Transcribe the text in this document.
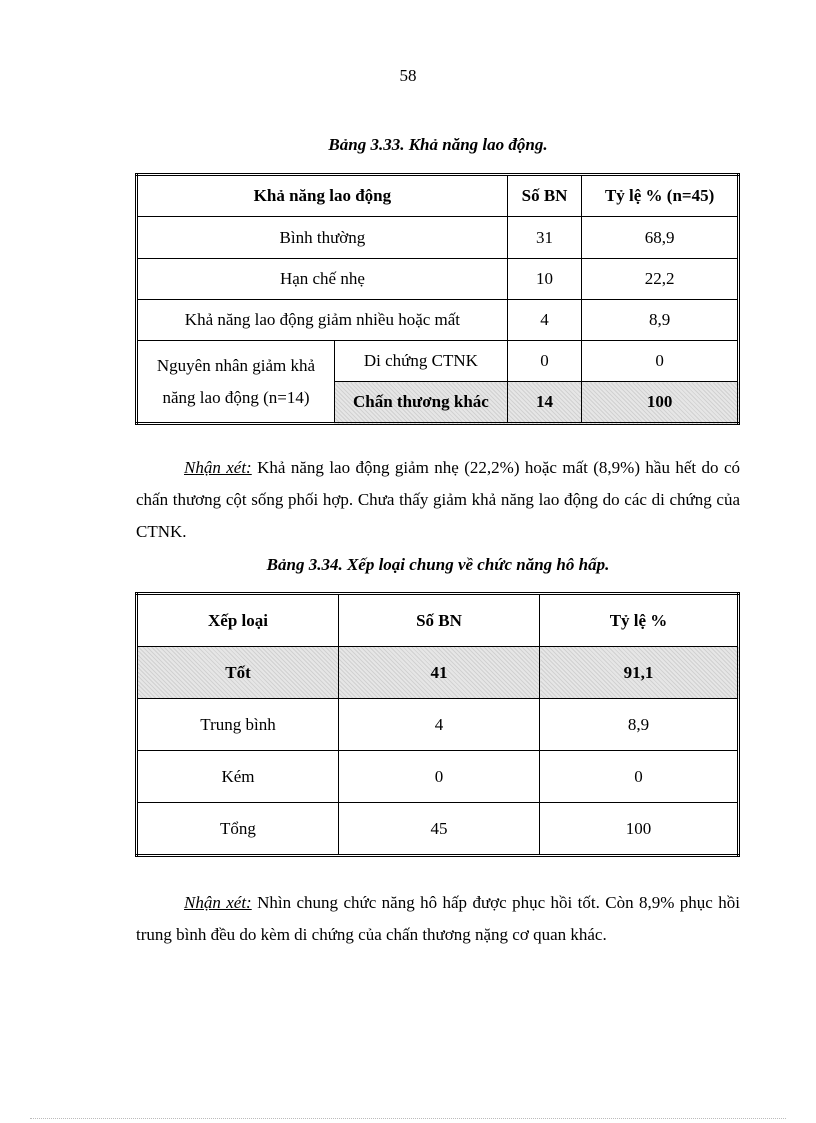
58
Bảng 3.33. Khả năng lao động.
Khả năng lao động		Số BN	Tỷ lệ % (n=45)
Bình thường		31	68,9
Hạn chế nhẹ		10	22,2
Khả năng lao động giảm nhiều hoặc mất		4	8,9
Nguyên nhân giảm khả năng lao động (n=14)	Di chứng CTNK	0	0
	Chấn thương khác	14	100
Nhận xét: Khả năng lao động giảm nhẹ (22,2%) hoặc mất (8,9%) hầu hết do có chấn thương cột sống phối hợp. Chưa thấy giảm khả năng lao động do các di chứng của CTNK.
Bảng 3.34. Xếp loại chung về chức năng hô hấp.
Xếp loại	Số BN	Tỷ lệ %
Tốt	41	91,1
Trung bình	4	8,9
Kém	0	0
Tổng	45	100
Nhận xét: Nhìn chung chức năng hô hấp được phục hồi tốt. Còn 8,9% phục hồi trung bình đều do kèm di chứng của chấn thương nặng cơ quan khác.
